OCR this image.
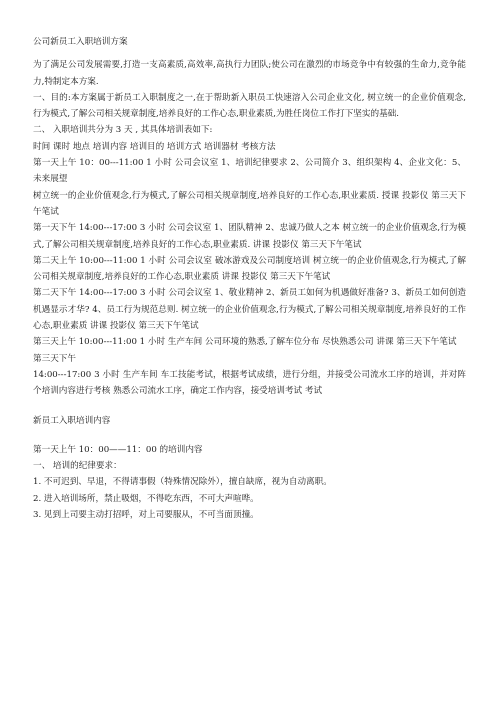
公司新员工入职培训方案

为了满足公司发展需要,打造一支高素质,高效率,高执行力团队;使公司在激烈的市场竞争中有较强的生命力,竞争能力,特制定本方案.

一、目的:本方案属于新员工入职制度之一,在于帮助新入职员工快速溶入公司企业文化, 树立统一的企业价值观念,行为模式,了解公司相关规章制度,培养良好的工作心态,职业素质,为胜任岗位工作打下坚实的基础.

二、 入职培训共分为 3 天 , 其具体培训表如下:

时间 课时 地点 培训内容 培训目的 培训方式 培训器材 考核方法

第一天上午 10：00---11:00 1 小时 公司会议室 1、培训纪律要求 2、公司简介 3、组织架构 4、企业文化：5、未来展望

树立统一的企业价值观念,行为模式,了解公司相关规章制度,培养良好的工作心态,职业素质. 授课 投影仪 第三天下午笔试

第一天下午 14:00---17:00 3 小时 公司会议室 1、团队精神 2、忠诚乃做人之本 树立统一的企业价值观念,行为模式,了解公司相关规章制度,培养良好的工作心态,职业素质. 讲课 投影仪 第三天下午笔试

第二天上午 10:00---11:00 1 小时 公司会议室 破冰游戏及公司制度培训 树立统一的企业价值观念,行为模式,了解公司相关规章制度,培养良好的工作心态,职业素质 讲课 投影仪 第三天下午笔试

第二天下午 14:00---17:00 3 小时 公司会议室 1、敬业精神 2、新员工如何为机遇做好准备? 3、新员工如何创造机遇显示才华? 4、员工行为规范总则. 树立统一的企业价值观念,行为模式,了解公司相关规章制度,培养良好的工作心态,职业素质 讲课 投影仪 第三天下午笔试

第三天上午 10:00---11:00 1 小时 生产车间 公司环境的熟悉,了解车位分布 尽快熟悉公司 讲课 第三天下午笔试

第三天下午

14:00---17:00 3 小时 生产车间 车工技能考试，根据考试成绩，进行分组，并接受公司流水工序的培训，并对阵个培训内容进行考核 熟悉公司流水工序，确定工作内容，接受培训考试 考试

新员工入职培训内容

第一天上午 10：00——11：00 的培训内容

一、 培训的纪律要求：

1. 不可迟到、早退，不得请事假（特殊情况除外），擅自缺席，视为自动离职。

2. 进入培训场所，禁止吸烟，不得吃东西，不可大声喧哗。

3. 见到上司要主动打招呼，对上司要服从，不可当面顶撞。
